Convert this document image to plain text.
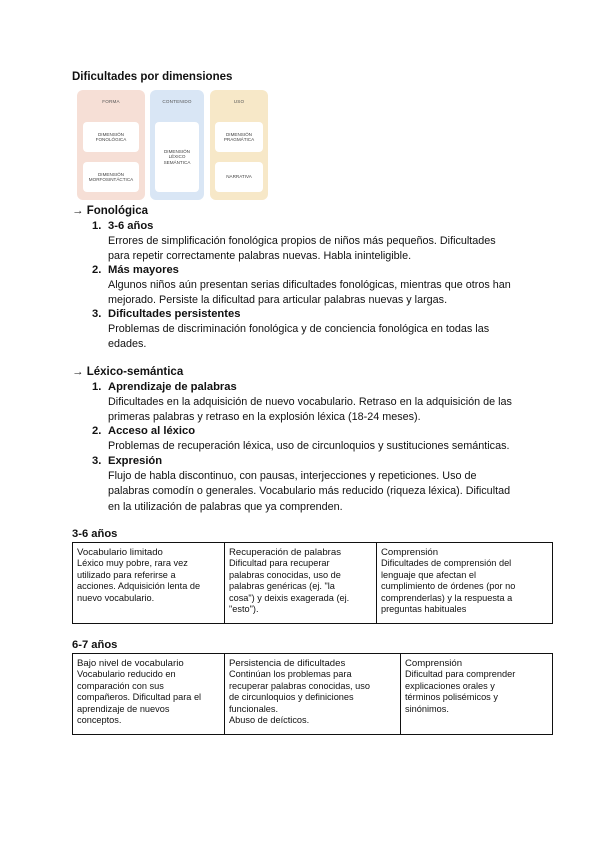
Dificultades por dimensiones
FORMA
DIMENSIÓN FONOLÓGICA
DIMENSIÓN MORFOSINTÁCTICA
CONTENIDO
DIMENSIÓN LÉXICO SEMÁNTICA
USO
DIMENSIÓN PRAGMÁTICA
NARRATIVA
→ Fonológica
1. 3-6 años
Errores de simplificación fonológica propios de niños más pequeños. Dificultades
para repetir correctamente palabras nuevas. Habla ininteligible.
2. Más mayores
Algunos niños aún presentan serias dificultades fonológicas, mientras que otros han
mejorado. Persiste la dificultad para articular palabras nuevas y largas.
3. Dificultades persistentes
Problemas de discriminación fonológica y de conciencia fonológica en todas las
edades.
→ Léxico-semántica
1. Aprendizaje de palabras
Dificultades en la adquisición de nuevo vocabulario. Retraso en la adquisición de las
primeras palabras y retraso en la explosión léxica (18-24 meses).
2. Acceso al léxico
Problemas de recuperación léxica, uso de circunloquios y sustituciones semánticas.
3. Expresión
Flujo de habla discontinuo, con pausas, interjecciones y repeticiones. Uso de
palabras comodín o generales. Vocabulario más reducido (riqueza léxica). Dificultad
en la utilización de palabras que ya comprenden.
3-6 años
Vocabulario limitado
Léxico muy pobre, rara vez
utilizado para referirse a
acciones. Adquisición lenta de
nuevo vocabulario.

Recuperación de palabras
Dificultad para recuperar
palabras conocidas, uso de
palabras genéricas (ej. "la
cosa") y deixis exagerada (ej.
"esto").

Comprensión
Dificultades de comprensión del
lenguaje que afectan el
cumplimiento de órdenes (por no
comprenderlas) y la respuesta a
preguntas habituales
6-7 años
Bajo nivel de vocabulario
Vocabulario reducido en
comparación con sus
compañeros. Dificultad para el
aprendizaje de nuevos
conceptos.

Persistencia de dificultades
Continúan los problemas para
recuperar palabras conocidas, uso
de circunloquios y definiciones
funcionales.
Abuso de deícticos.

Comprensión
Dificultad para comprender
explicaciones orales y
términos polisémicos y
sinónimos.
